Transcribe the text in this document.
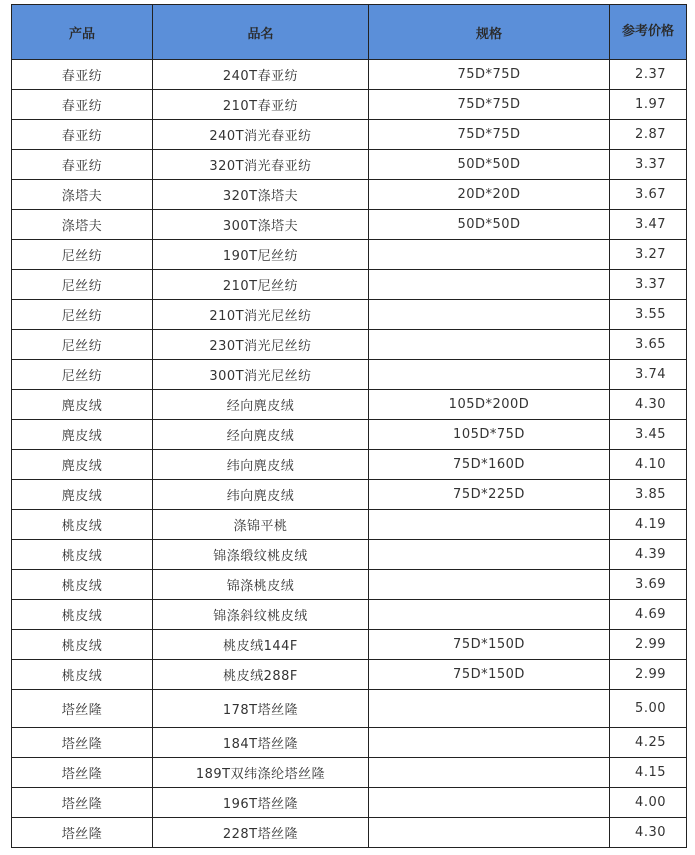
产品	品名	规格	参考价格
春亚纺	240T春亚纺	75D*75D	2.37
春亚纺	210T春亚纺	75D*75D	1.97
春亚纺	240T消光春亚纺	75D*75D	2.87
春亚纺	320T消光春亚纺	50D*50D	3.37
涤塔夫	320T涤塔夫	20D*20D	3.67
涤塔夫	300T涤塔夫	50D*50D	3.47
尼丝纺	190T尼丝纺		3.27
尼丝纺	210T尼丝纺		3.37
尼丝纺	210T消光尼丝纺		3.55
尼丝纺	230T消光尼丝纺		3.65
尼丝纺	300T消光尼丝纺		3.74
麂皮绒	经向麂皮绒	105D*200D	4.30
麂皮绒	经向麂皮绒	105D*75D	3.45
麂皮绒	纬向麂皮绒	75D*160D	4.10
麂皮绒	纬向麂皮绒	75D*225D	3.85
桃皮绒	涤锦平桃		4.19
桃皮绒	锦涤缎纹桃皮绒		4.39
桃皮绒	锦涤桃皮绒		3.69
桃皮绒	锦涤斜纹桃皮绒		4.69
桃皮绒	桃皮绒144F	75D*150D	2.99
桃皮绒	桃皮绒288F	75D*150D	2.99
塔丝隆	178T塔丝隆		5.00
塔丝隆	184T塔丝隆		4.25
塔丝隆	189T双纬涤纶塔丝隆		4.15
塔丝隆	196T塔丝隆		4.00
塔丝隆	228T塔丝隆		4.30
